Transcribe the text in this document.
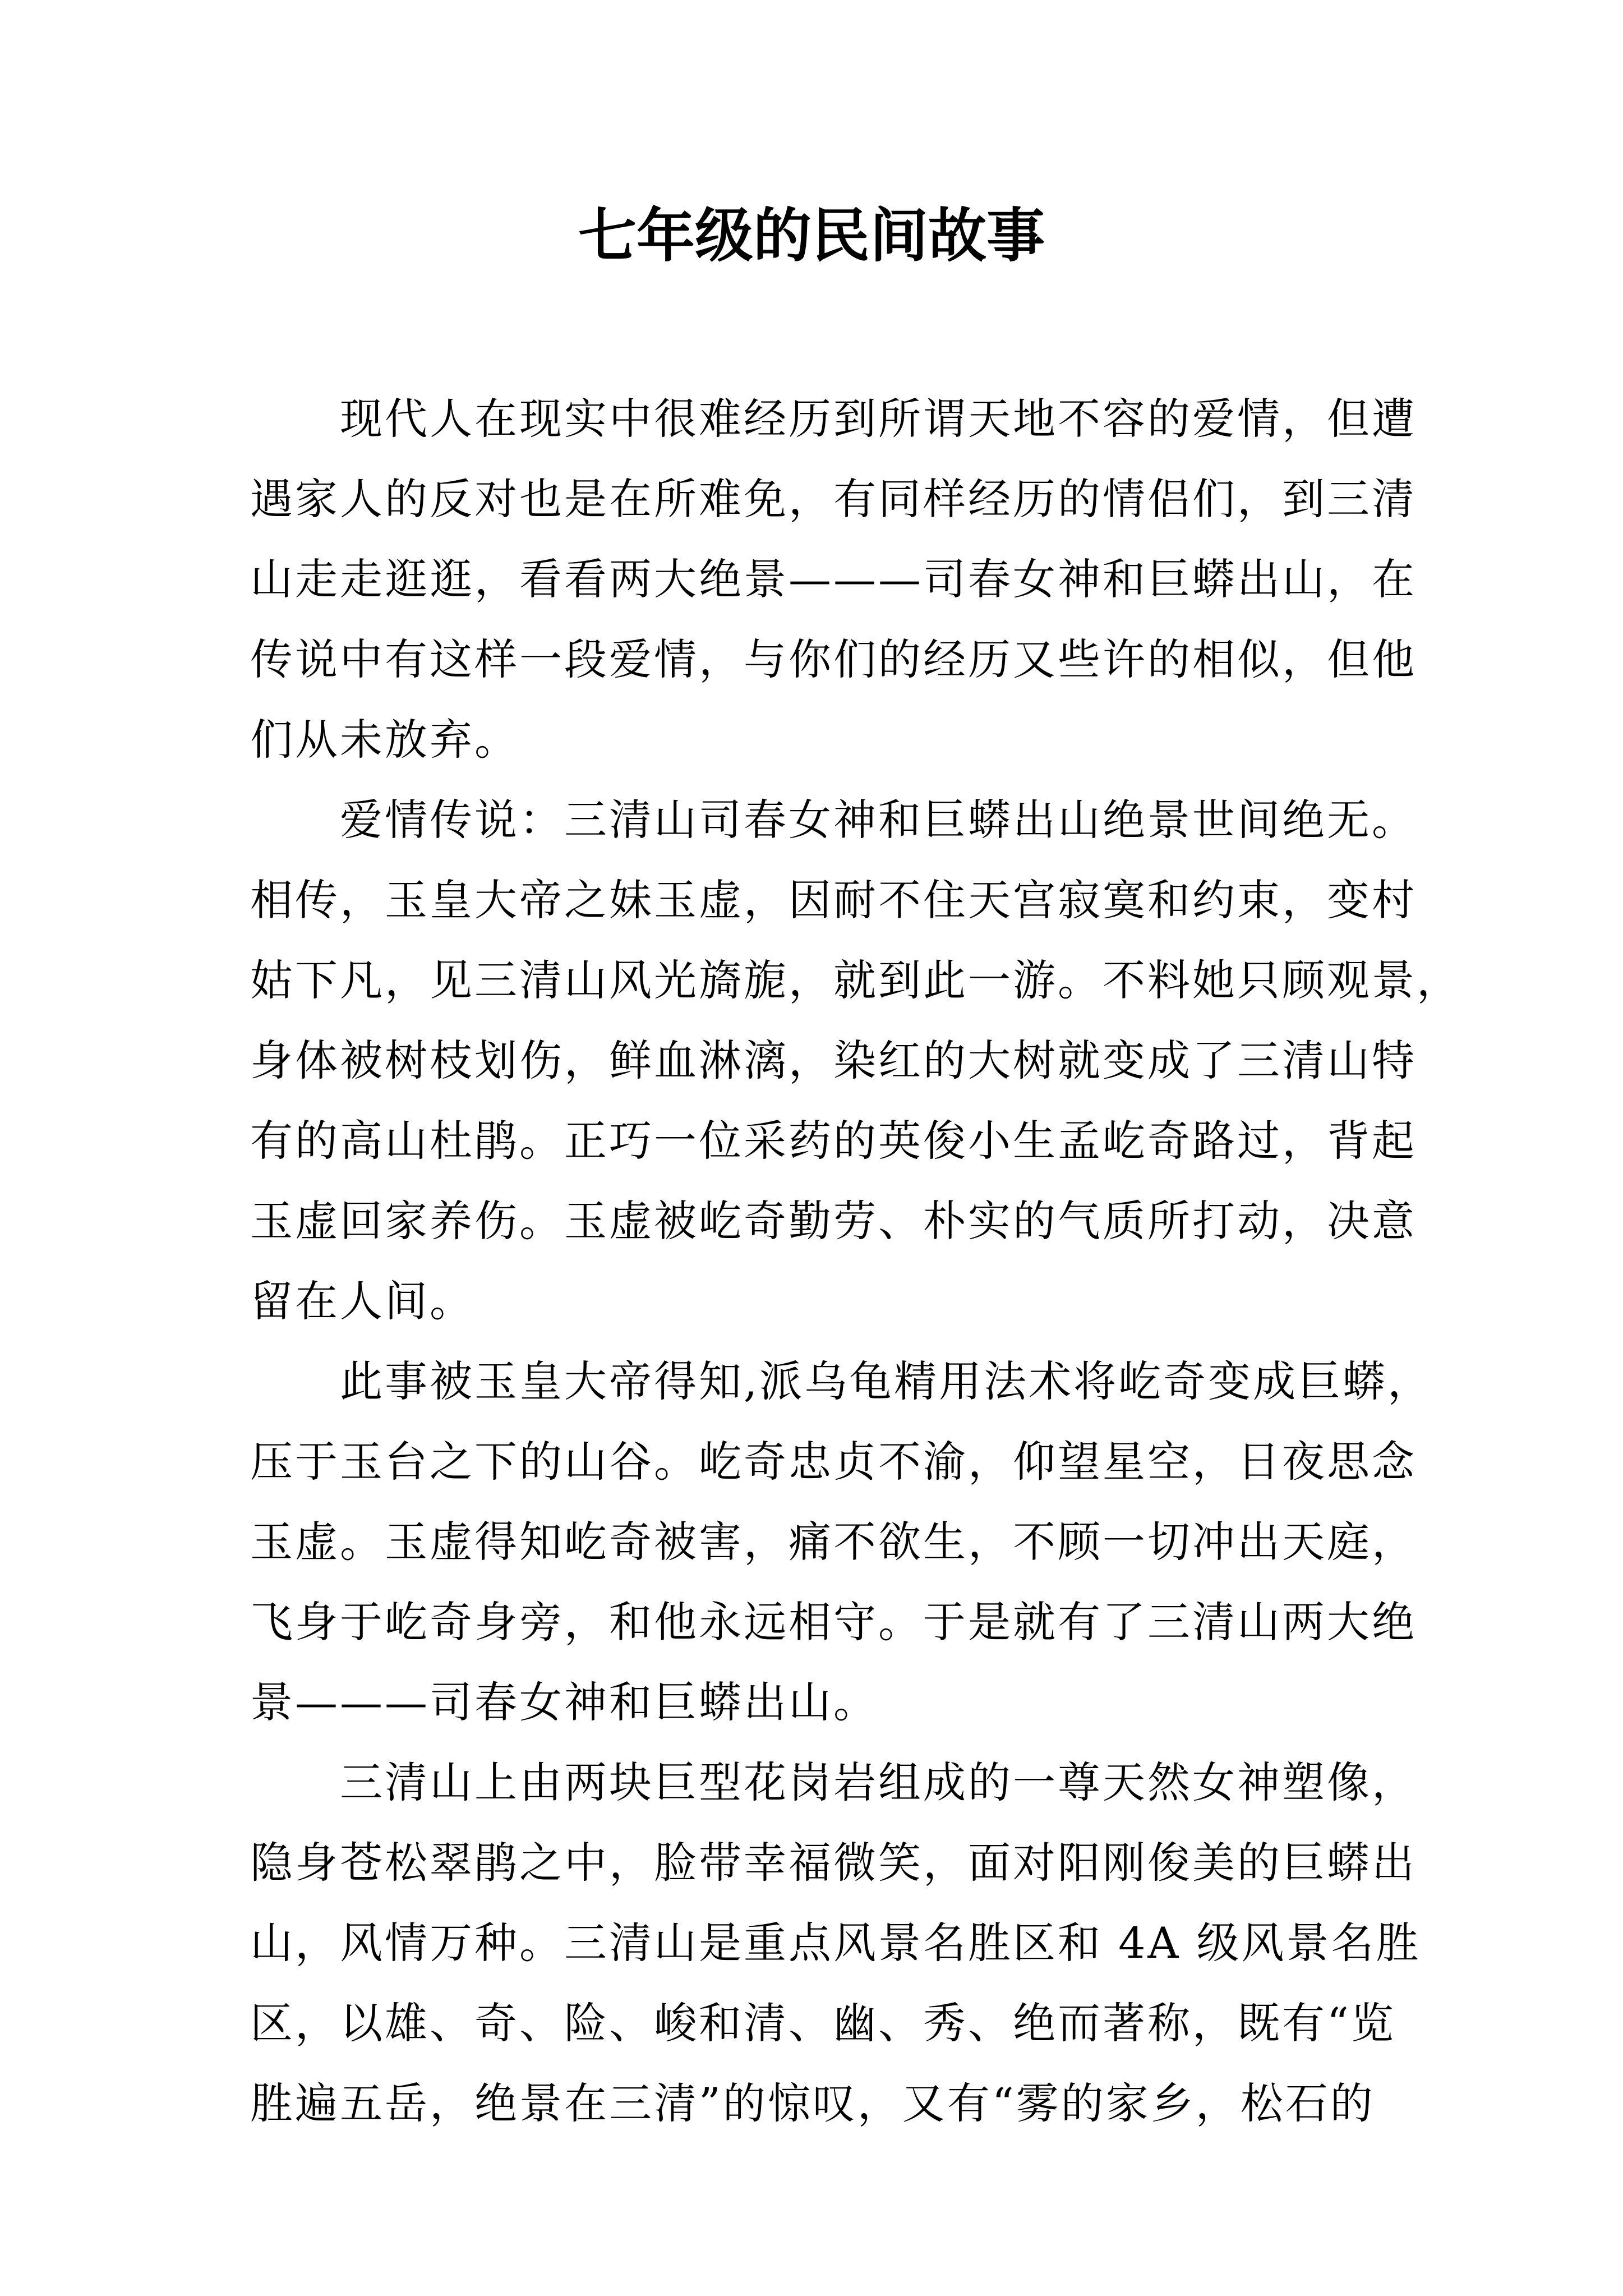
七年级的民间故事

现代人在现实中很难经历到所谓天地不容的爱情，但遭
遇家人的反对也是在所难免，有同样经历的情侣们，到三清
山走走逛逛，看看两大绝景———司春女神和巨蟒出山，在
传说中有这样一段爱情，与你们的经历又些许的相似，但他
们从未放弃。

爱情传说：三清山司春女神和巨蟒出山绝景世间绝无。
相传，玉皇大帝之妹玉虚，因耐不住天宫寂寞和约束，变村
姑下凡，见三清山风光旖旎，就到此一游。不料她只顾观景，
身体被树枝划伤，鲜血淋漓，染红的大树就变成了三清山特
有的高山杜鹃。正巧一位采药的英俊小生孟屹奇路过，背起
玉虚回家养伤。玉虚被屹奇勤劳、朴实的气质所打动，决意
留在人间。

此事被玉皇大帝得知,派乌龟精用法术将屹奇变成巨蟒，
压于玉台之下的山谷。屹奇忠贞不渝，仰望星空，日夜思念
玉虚。玉虚得知屹奇被害，痛不欲生，不顾一切冲出天庭，
飞身于屹奇身旁，和他永远相守。于是就有了三清山两大绝
景———司春女神和巨蟒出山。

三清山上由两块巨型花岗岩组成的一尊天然女神塑像，
隐身苍松翠鹃之中，脸带幸福微笑，面对阳刚俊美的巨蟒出
山，风情万种。三清山是重点风景名胜区和 4A 级风景名胜
区，以雄、奇、险、峻和清、幽、秀、绝而著称，既有“览
胜遍五岳，绝景在三清”的惊叹，又有“雾的家乡，松石的
